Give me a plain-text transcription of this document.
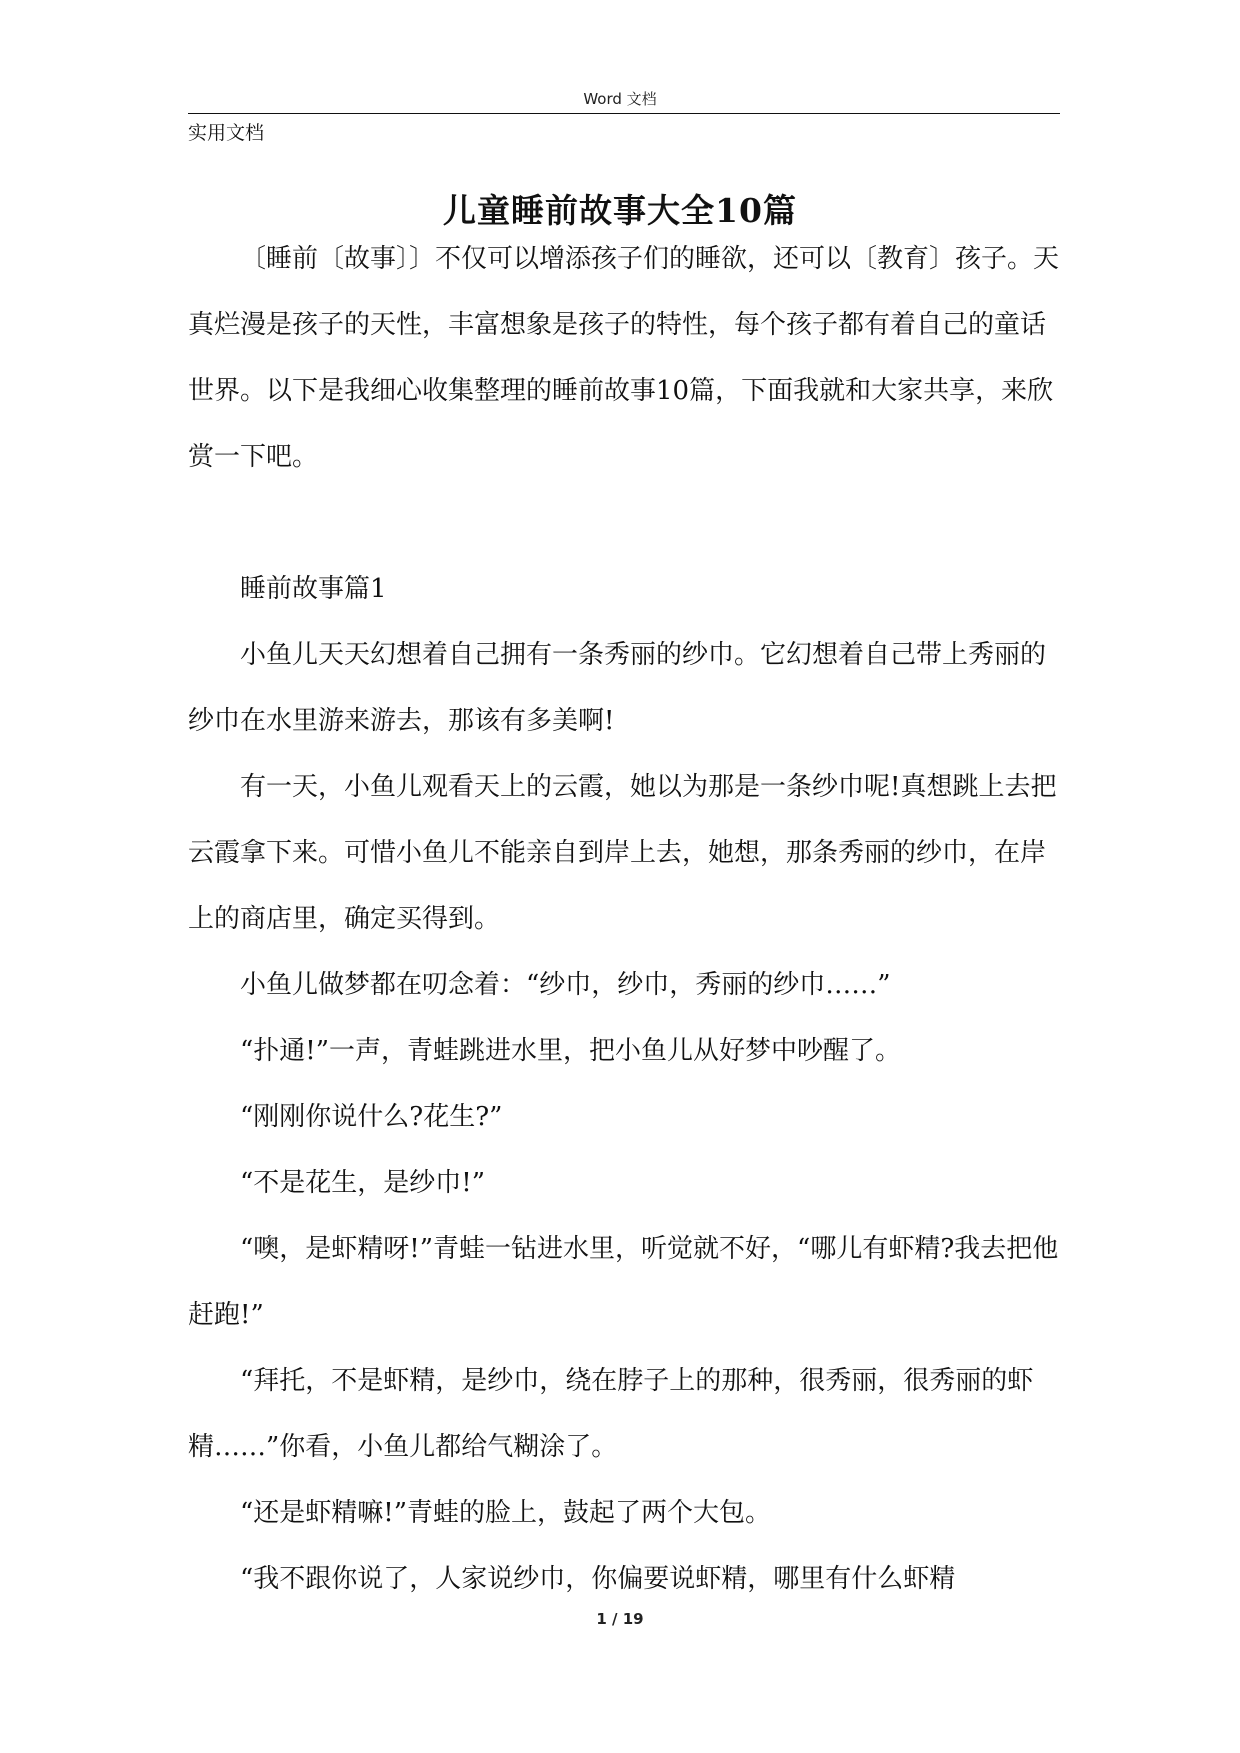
Word 文档
实用文档
儿童睡前故事大全10篇

〔睡前〔故事〕〕不仅可以增添孩子们的睡欲，还可以〔教育〕孩子。天真烂漫是孩子的天性，丰富想象是孩子的特性，每个孩子都有着自己的童话世界。以下是我细心收集整理的睡前故事10篇，下面我就和大家共享，来欣赏一下吧。

睡前故事篇1

小鱼儿天天幻想着自己拥有一条秀丽的纱巾。它幻想着自己带上秀丽的纱巾在水里游来游去，那该有多美啊!

有一天，小鱼儿观看天上的云霞，她以为那是一条纱巾呢!真想跳上去把云霞拿下来。可惜小鱼儿不能亲自到岸上去，她想，那条秀丽的纱巾，在岸上的商店里，确定买得到。

小鱼儿做梦都在叨念着：“纱巾，纱巾，秀丽的纱巾……”

“扑通!”一声，青蛙跳进水里，把小鱼儿从好梦中吵醒了。

“刚刚你说什么?花生?”

“不是花生，是纱巾!”

“噢，是虾精呀!”青蛙一钻进水里，听觉就不好，“哪儿有虾精?我去把他赶跑!”

“拜托，不是虾精，是纱巾，绕在脖子上的那种，很秀丽，很秀丽的虾精……”你看，小鱼儿都给气糊涂了。

“还是虾精嘛!”青蛙的脸上，鼓起了两个大包。

“我不跟你说了，人家说纱巾，你偏要说虾精，哪里有什么虾精

1 / 19
